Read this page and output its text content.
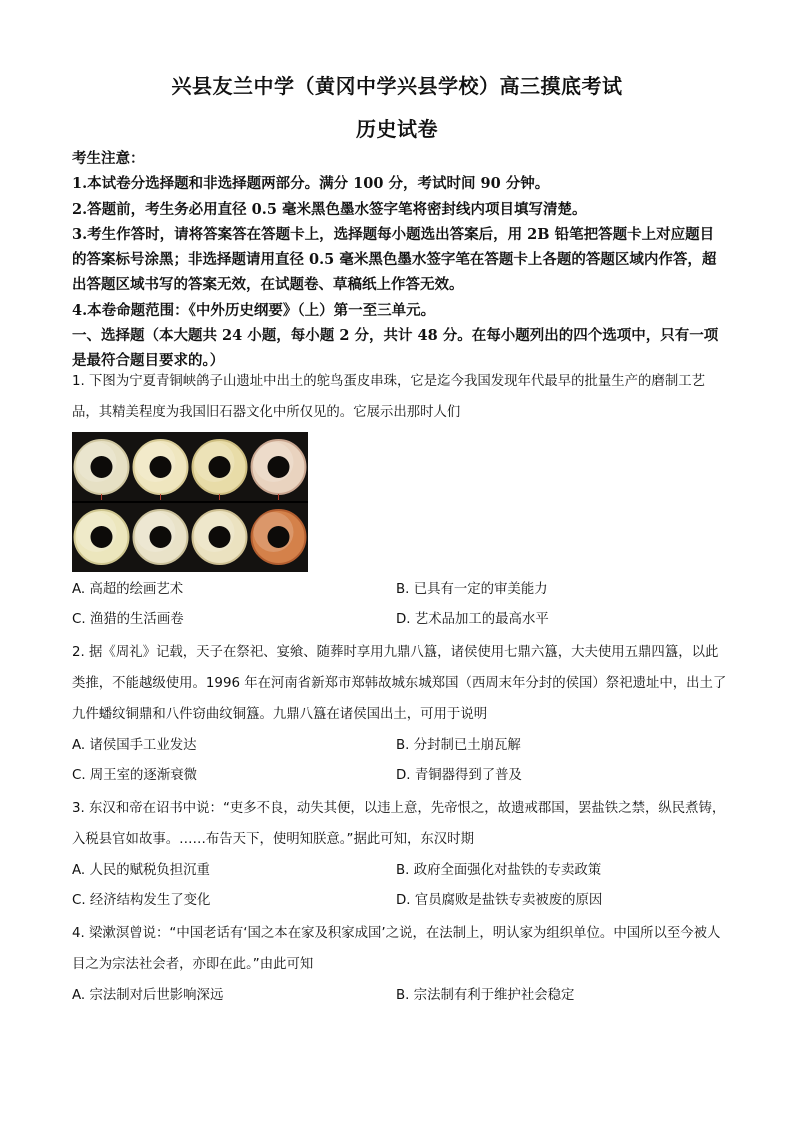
兴县友兰中学（黄冈中学兴县学校）高三摸底考试
历史试卷
考生注意：
1.本试卷分选择题和非选择题两部分。满分 100 分，考试时间 90 分钟。
2.答题前，考生务必用直径 0.5 毫米黑色墨水签字笔将密封线内项目填写清楚。
3.考生作答时，请将答案答在答题卡上，选择题每小题选出答案后，用 2B 铅笔把答题卡上对应题目的答案标号涂黑；非选择题请用直径 0.5 毫米黑色墨水签字笔在答题卡上各题的答题区域内作答，超出答题区域书写的答案无效，在试题卷、草稿纸上作答无效。
4.本卷命题范围：《中外历史纲要》（上）第一至三单元。
一、选择题（本大题共 24 小题，每小题 2 分，共计 48 分。在每小题列出的四个选项中，只有一项是最符合题目要求的。）
1. 下图为宁夏青铜峡鸽子山遗址中出土的鸵鸟蛋皮串珠，它是迄今我国发现年代最早的批量生产的磨制工艺品，其精美程度为我国旧石器文化中所仅见的。它展示出那时人们
A. 高超的绘画艺术	B. 已具有一定的审美能力
C. 渔猎的生活画卷	D. 艺术品加工的最高水平
2. 据《周礼》记载，天子在祭祀、宴飨、随葬时享用九鼎八簋，诸侯使用七鼎六簋，大夫使用五鼎四簋，以此类推，不能越级使用。1996 年在河南省新郑市郑韩故城东城郑国（西周末年分封的侯国）祭祀遗址中，出土了九件蟠纹铜鼎和八件窃曲纹铜簋。九鼎八簋在诸侯国出土，可用于说明
A. 诸侯国手工业发达	B. 分封制已土崩瓦解
C. 周王室的逐渐衰微	D. 青铜器得到了普及
3. 东汉和帝在诏书中说：“吏多不良，动失其便，以违上意，先帝恨之，故遗戒郡国，罢盐铁之禁，纵民煮铸，入税县官如故事。……布告天下，使明知朕意。”据此可知，东汉时期
A. 人民的赋税负担沉重	B. 政府全面强化对盐铁的专卖政策
C. 经济结构发生了变化	D. 官员腐败是盐铁专卖被废的原因
4. 梁漱溟曾说：“中国老话有‘国之本在家及积家成国’之说，在法制上，明认家为组织单位。中国所以至今被人目之为宗法社会者，亦即在此。”由此可知
A. 宗法制对后世影响深远	B. 宗法制有利于维护社会稳定
